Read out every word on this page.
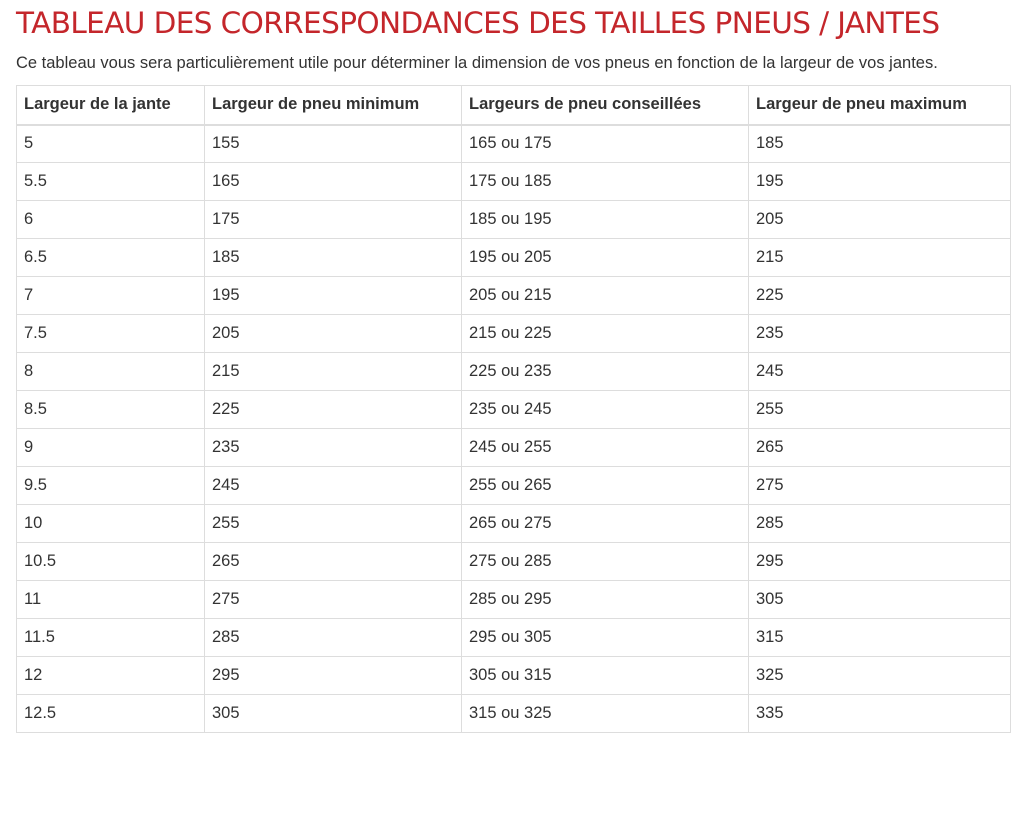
TABLEAU DES CORRESPONDANCES DES TAILLES PNEUS / JANTES

Ce tableau vous sera particulièrement utile pour déterminer la dimension de vos pneus en fonction de la largeur de vos jantes.

Largeur de la jante	Largeur de pneu minimum	Largeurs de pneu conseillées	Largeur de pneu maximum
5	155	165 ou 175	185
5.5	165	175 ou 185	195
6	175	185 ou 195	205
6.5	185	195 ou 205	215
7	195	205 ou 215	225
7.5	205	215 ou 225	235
8	215	225 ou 235	245
8.5	225	235 ou 245	255
9	235	245 ou 255	265
9.5	245	255 ou 265	275
10	255	265 ou 275	285
10.5	265	275 ou 285	295
11	275	285 ou 295	305
11.5	285	295 ou 305	315
12	295	305 ou 315	325
12.5	305	315 ou 325	335
